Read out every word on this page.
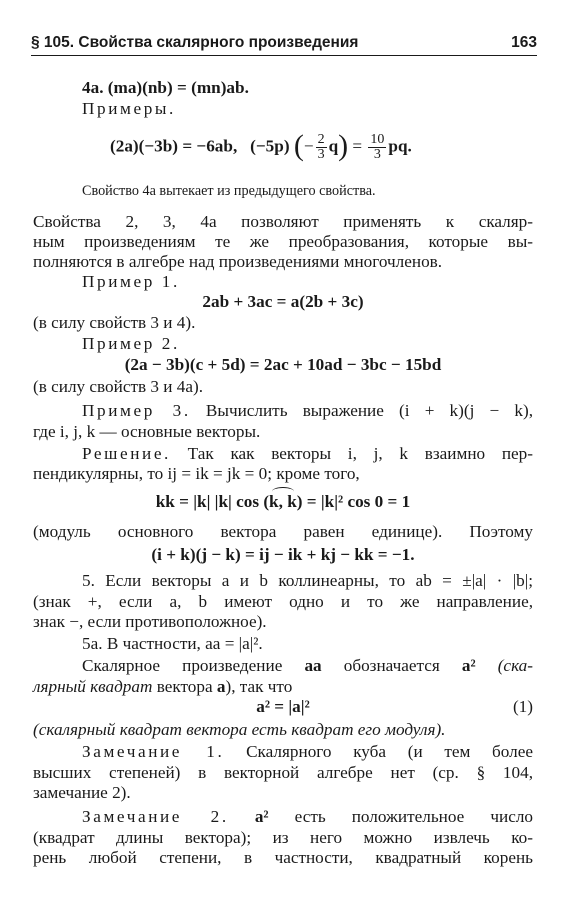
§ 105. Свойства скалярного произведения	163
4a. (ma)(nb) = (mn)ab.
Примеры.
(2a)(−3b) = −6ab, (−5p) (− $\frac{2}{3} q) = \frac{10}{3}$ pq.
Свойство 4а вытекает из предыдущего свойства.
Свойства 2, 3, 4а позволяют применять к скаляр-
ным произведениям те же преобразования, которые вы-
полняются в алгебре над произведениями многочленов.
Пример 1.
2ab + 3ac = a(2b + 3c)
(в силу свойств 3 и 4).
Пример 2.
(2a − 3b)(c + 5d) = 2ac + 10ad − 3bc − 15bd
(в силу свойств 3 и 4а).
Пример 3. Вычислить выражение (i + k)(j − k),
где i, j, k — основные векторы.
Решение. Так как векторы i, j, k взаимно пер-
пендикулярны, то ij = ik = jk = 0; кроме того,
kk = |k| |k| cos (k, k) = |k|² cos 0 = 1
(модуль основного вектора равен единице). Поэтому
(i + k)(j − k) = ij − ik + kj − kk = −1.
5. Если векторы a и b коллинеарны, то ab = ±|a| · |b|;
(знак +, если a, b имеют одно и то же направление,
знак −, если противоположное).
5а. В частности, aa = |a|².
Скалярное произведение aa обозначается a² (ска-
лярный квадрат вектора a), так что
a² = |a|²	(1)
(скалярный квадрат вектора есть квадрат его модуля).
Замечание 1. Скалярного куба (и тем более
высших степеней) в векторной алгебре нет (ср. § 104,
замечание 2).
Замечание 2. a² есть положительное число
(квадрат длины вектора); из него можно извлечь ко-
рень любой степени, в частности, квадратный корень
